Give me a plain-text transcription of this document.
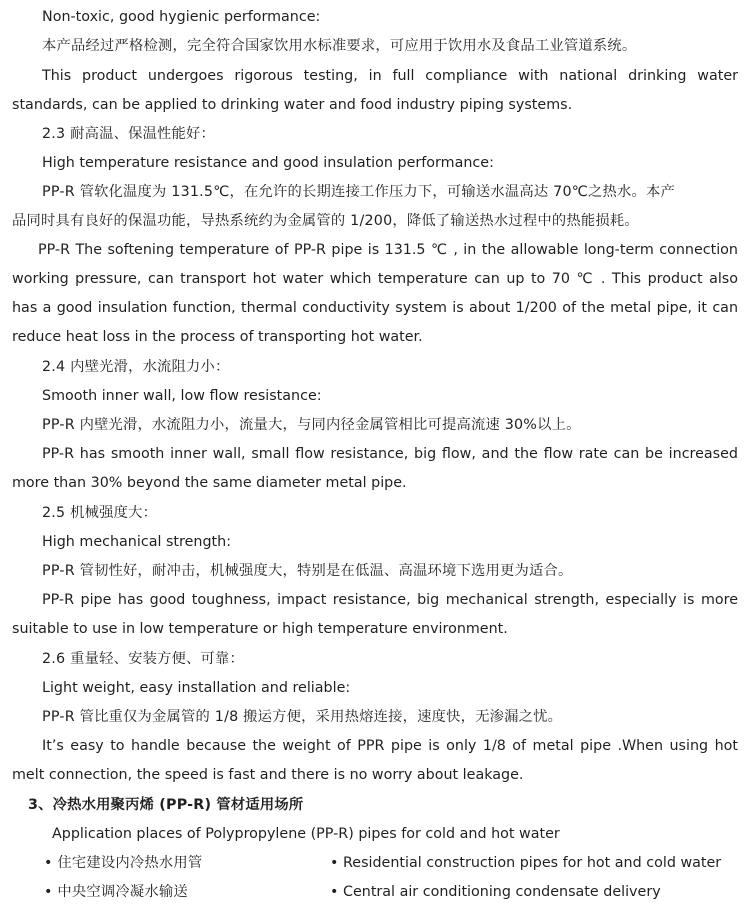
Non-toxic, good hygienic performance:
本产品经过严格检测，完全符合国家饮用水标准要求，可应用于饮用水及食品工业管道系统。
This product undergoes rigorous testing, in full compliance with national drinking water
standards, can be applied to drinking water and food industry piping systems.
2.3 耐高温、保温性能好：
High temperature resistance and good insulation performance:
PP-R 管软化温度为 131.5℃，在允许的长期连接工作压力下，可输送水温高达 70℃之热水。本产
品同时具有良好的保温功能，导热系统约为金属管的 1/200，降低了输送热水过程中的热能损耗。
PP-R The softening temperature of PP-R pipe is 131.5 ℃ , in the allowable long-term connection
working pressure, can transport hot water which temperature can up to 70 ℃ . This product also
has a good insulation function, thermal conductivity system is about 1/200 of the metal pipe, it can
reduce heat loss in the process of transporting hot water.
2.4 内壁光滑，水流阻力小：
Smooth inner wall, low flow resistance:
PP-R 内壁光滑，水流阻力小，流量大，与同内径金属管相比可提高流速 30%以上。
PP-R has smooth inner wall, small flow resistance, big flow, and the flow rate can be increased
more than 30% beyond the same diameter metal pipe.
2.5 机械强度大：
High mechanical strength:
PP-R 管韧性好，耐冲击，机械强度大，特别是在低温、高温环境下选用更为适合。
PP-R pipe has good toughness, impact resistance, big mechanical strength, especially is more
suitable to use in low temperature or high temperature environment.
2.6 重量轻、安装方便、可靠：
Light weight, easy installation and reliable:
PP-R 管比重仅为金属管的 1/8 搬运方便，采用热熔连接，速度快，无渗漏之忧。
It’s easy to handle because the weight of PPR pipe is only 1/8 of metal pipe .When using hot
melt connection, the speed is fast and there is no worry about leakage.
3、冷热水用聚丙烯 (PP-R) 管材适用场所
Application places of Polypropylene (PP-R) pipes for cold and hot water
• 住宅建设内冷热水用管	• Residential construction pipes for hot and cold water
• 中央空调冷凝水输送	• Central air conditioning condensate delivery
